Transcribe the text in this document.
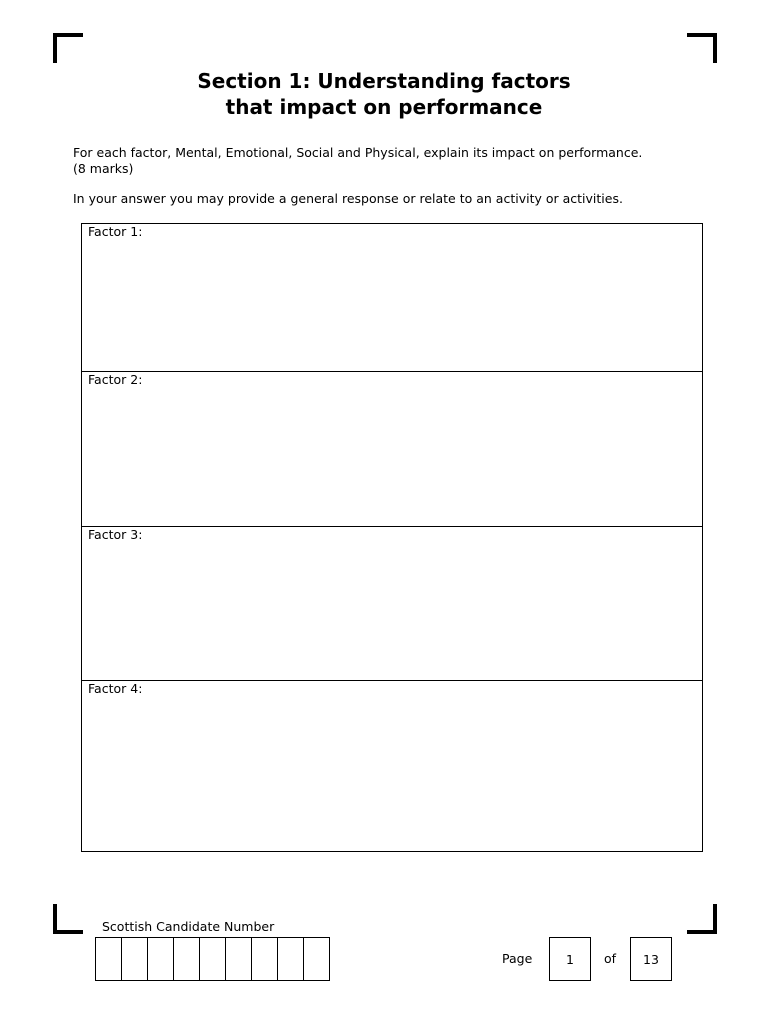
Section 1: Understanding factors
that impact on performance

For each factor, Mental, Emotional, Social and Physical, explain its impact on performance.
(8 marks)

In your answer you may provide a general response or relate to an activity or activities.

Factor 1:
Factor 2:
Factor 3:
Factor 4:
Scottish Candidate Number
Page	1	of	13
